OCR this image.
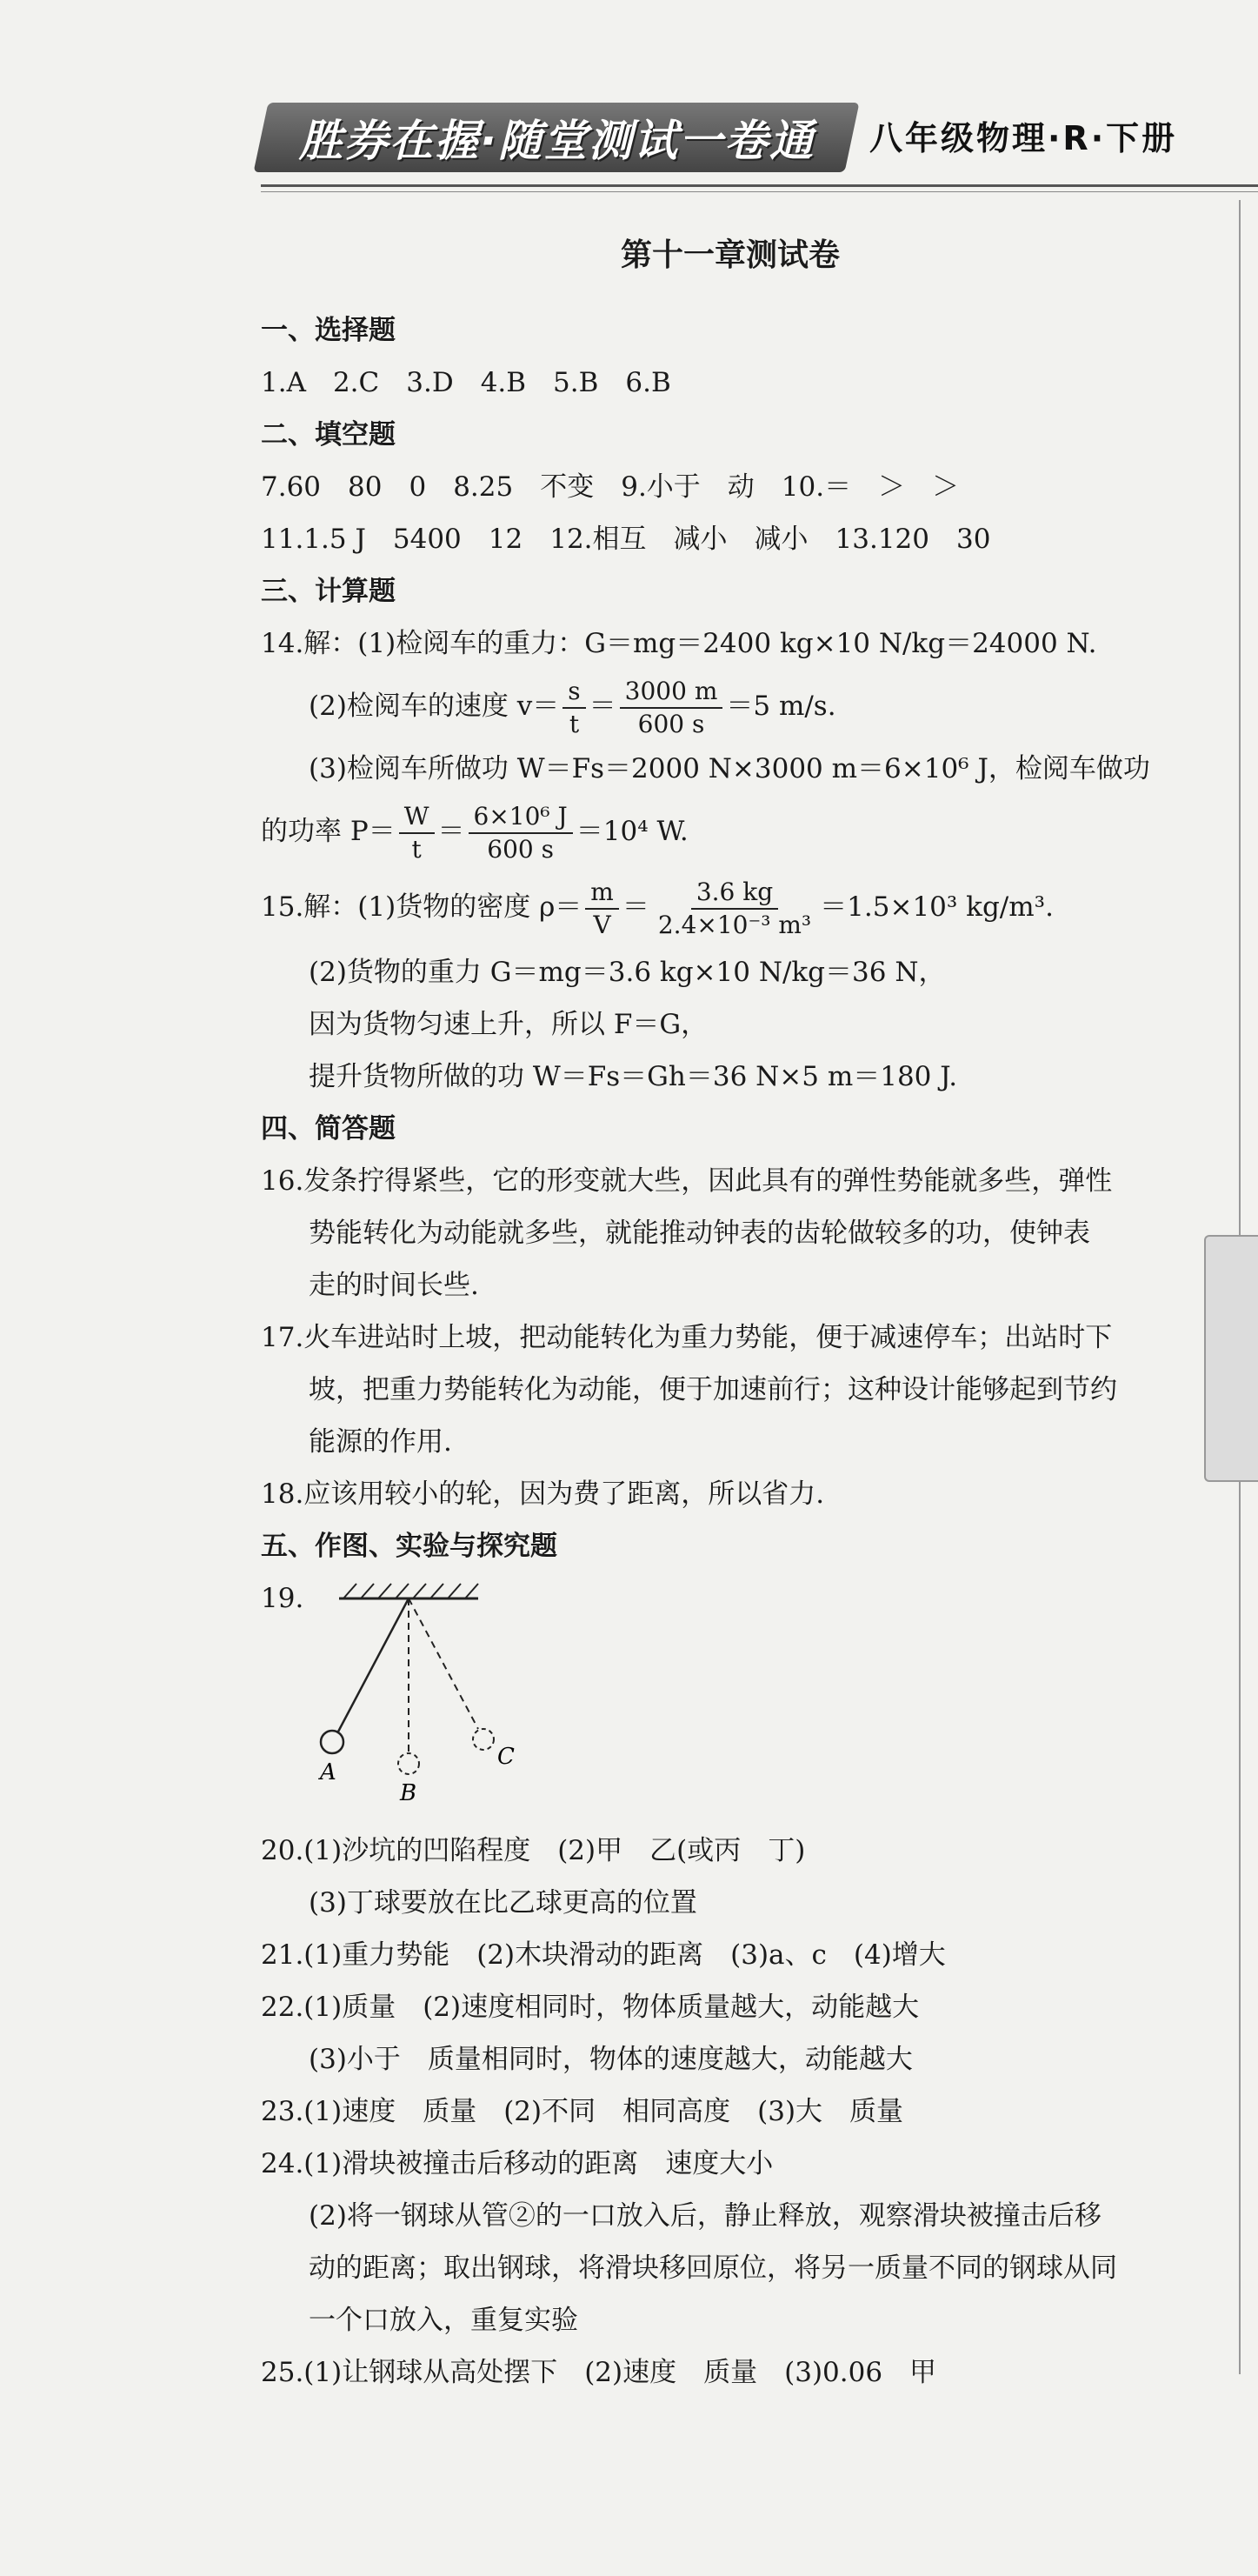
胜券在握·随堂测试一卷通 八年级物理·R·下册
第十一章测试卷
一、选择题
1.A　2.C　3.D　4.B　5.B　6.B
二、填空题
7.60　80　0　8.25　不变　9.小于　动　10.＝　＞　＞
11.1.5 J　5400　12　12.相互　减小　减小　13.120　30
三、计算题
14.解：(1)检阅车的重力：G＝mg＝2400 kg×10 N/kg＝24000 N.
(2)检阅车的速度 $v= \frac{s}{t} = \frac{3000 m}{600 s} =5$ m/s.
(3)检阅车所做功 W＝Fs＝2000 N×3000 m＝6×10⁶ J，检阅车做功
的功率 $P= \frac{W}{t} = \frac{\text{6×10⁶ J}}{600 s} =10^4$ W.
15.解：(1)货物的密度 $\rho= \frac{m}{V} = \frac{3.6 kg}{\text{2.4×10⁻³ m³}} =1.5\times 10^3$ kg/m³.
(2)货物的重力 G＝mg＝3.6 kg×10 N/kg＝36 N，
因为货物匀速上升，所以 F＝G，
提升货物所做的功 W＝Fs＝Gh＝36 N×5 m＝180 J.
四、简答题
16.发条拧得紧些，它的形变就大些，因此具有的弹性势能就多些，弹性
势能转化为动能就多些，就能推动钟表的齿轮做较多的功，使钟表
走的时间长些.
17.火车进站时上坡，把动能转化为重力势能，便于减速停车；出站时下
坡，把重力势能转化为动能，便于加速前行；这种设计能够起到节约
能源的作用.
18.应该用较小的轮，因为费了距离，所以省力.
五、作图、实验与探究题
19.
A
B
C
20.(1)沙坑的凹陷程度　(2)甲　乙(或丙　丁)
(3)丁球要放在比乙球更高的位置
21.(1)重力势能　(2)木块滑动的距离　(3)a、c　(4)增大
22.(1)质量　(2)速度相同时，物体质量越大，动能越大
(3)小于　质量相同时，物体的速度越大，动能越大
23.(1)速度　质量　(2)不同　相同高度　(3)大　质量
24.(1)滑块被撞击后移动的距离　速度大小
(2)将一钢球从管②的一口放入后，静止释放，观察滑块被撞击后移
动的距离；取出钢球，将滑块移回原位，将另一质量不同的钢球从同
一个口放入，重复实验
25.(1)让钢球从高处摆下　(2)速度　质量　(3)0.06　甲
